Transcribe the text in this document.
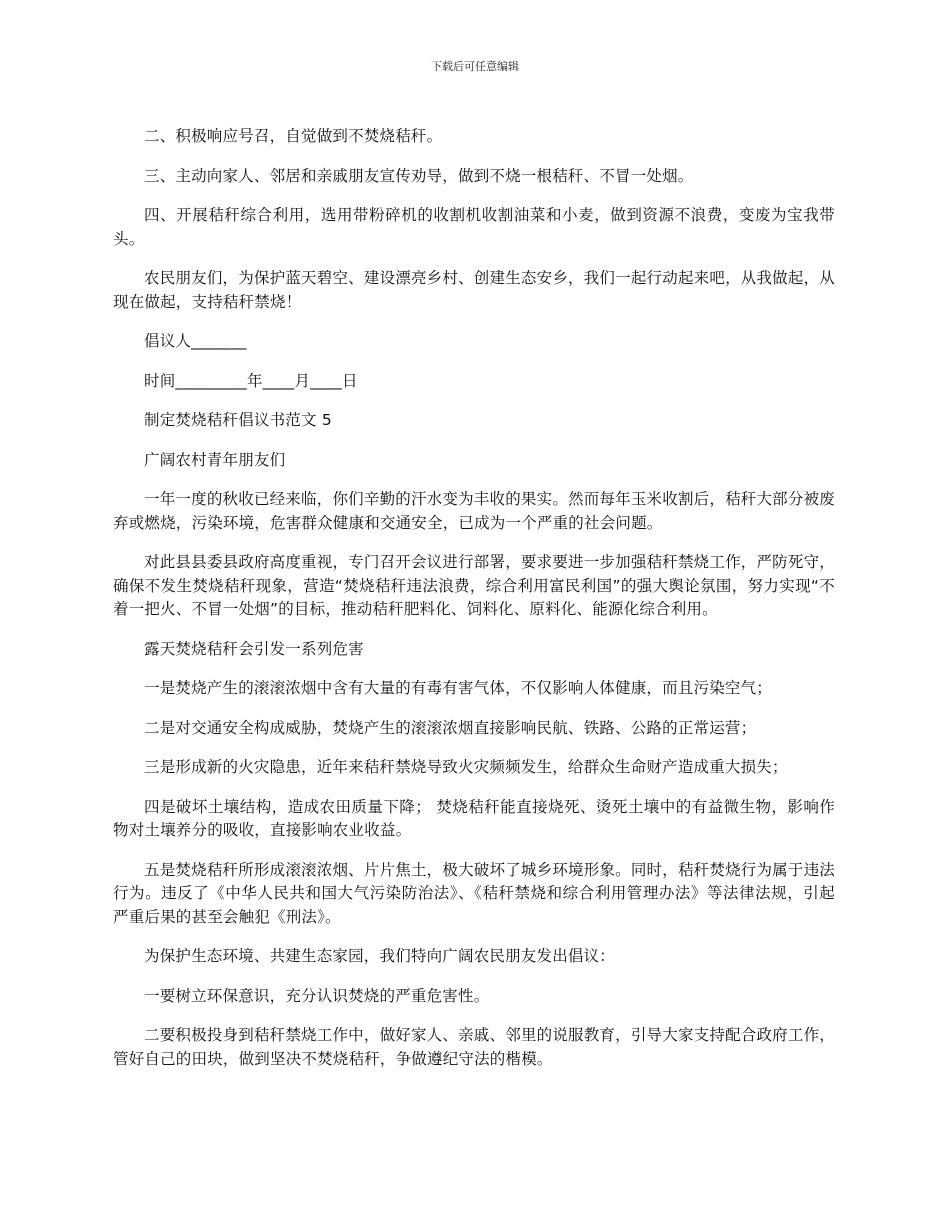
下载后可任意编辑

二、积极响应号召，自觉做到不焚烧秸秆。

三、主动向家人、邻居和亲戚朋友宣传劝导，做到不烧一根秸秆、不冒一处烟。

四、开展秸秆综合利用，选用带粉碎机的收割机收割油菜和小麦，做到资源不浪费，变废为宝我带头。

农民朋友们，为保护蓝天碧空、建设漂亮乡村、创建生态安乡，我们一起行动起来吧，从我做起，从现在做起，支持秸秆禁烧！

倡议人_______

时间_________年____月____日

制定焚烧秸秆倡议书范文 5

广阔农村青年朋友们

一年一度的秋收已经来临，你们辛勤的汗水变为丰收的果实。然而每年玉米收割后，秸秆大部分被废弃或燃烧，污染环境，危害群众健康和交通安全，已成为一个严重的社会问题。

对此县县委县政府高度重视，专门召开会议进行部署，要求要进一步加强秸秆禁烧工作，严防死守，确保不发生焚烧秸秆现象，营造“焚烧秸秆违法浪费，综合利用富民利国”的强大舆论氛围，努力实现“不着一把火、不冒一处烟”的目标，推动秸秆肥料化、饲料化、原料化、能源化综合利用。

露天焚烧秸秆会引发一系列危害

一是焚烧产生的滚滚浓烟中含有大量的有毒有害气体，不仅影响人体健康，而且污染空气；

二是对交通安全构成威胁，焚烧产生的滚滚浓烟直接影响民航、铁路、公路的正常运营；

三是形成新的火灾隐患，近年来秸秆禁烧导致火灾频频发生，给群众生命财产造成重大损失；

四是破坏土壤结构，造成农田质量下降； 焚烧秸秆能直接烧死、烫死土壤中的有益微生物，影响作物对土壤养分的吸收，直接影响农业收益。

五是焚烧秸秆所形成滚滚浓烟、片片焦土，极大破坏了城乡环境形象。同时，秸秆焚烧行为属于违法行为。违反了《中华人民共和国大气污染防治法》、《秸秆禁烧和综合利用管理办法》等法律法规，引起严重后果的甚至会触犯《刑法》。

为保护生态环境、共建生态家园，我们特向广阔农民朋友发出倡议：

一要树立环保意识，充分认识焚烧的严重危害性。

二要积极投身到秸秆禁烧工作中，做好家人、亲戚、邻里的说服教育，引导大家支持配合政府工作，管好自己的田块，做到坚决不焚烧秸秆，争做遵纪守法的楷模。
